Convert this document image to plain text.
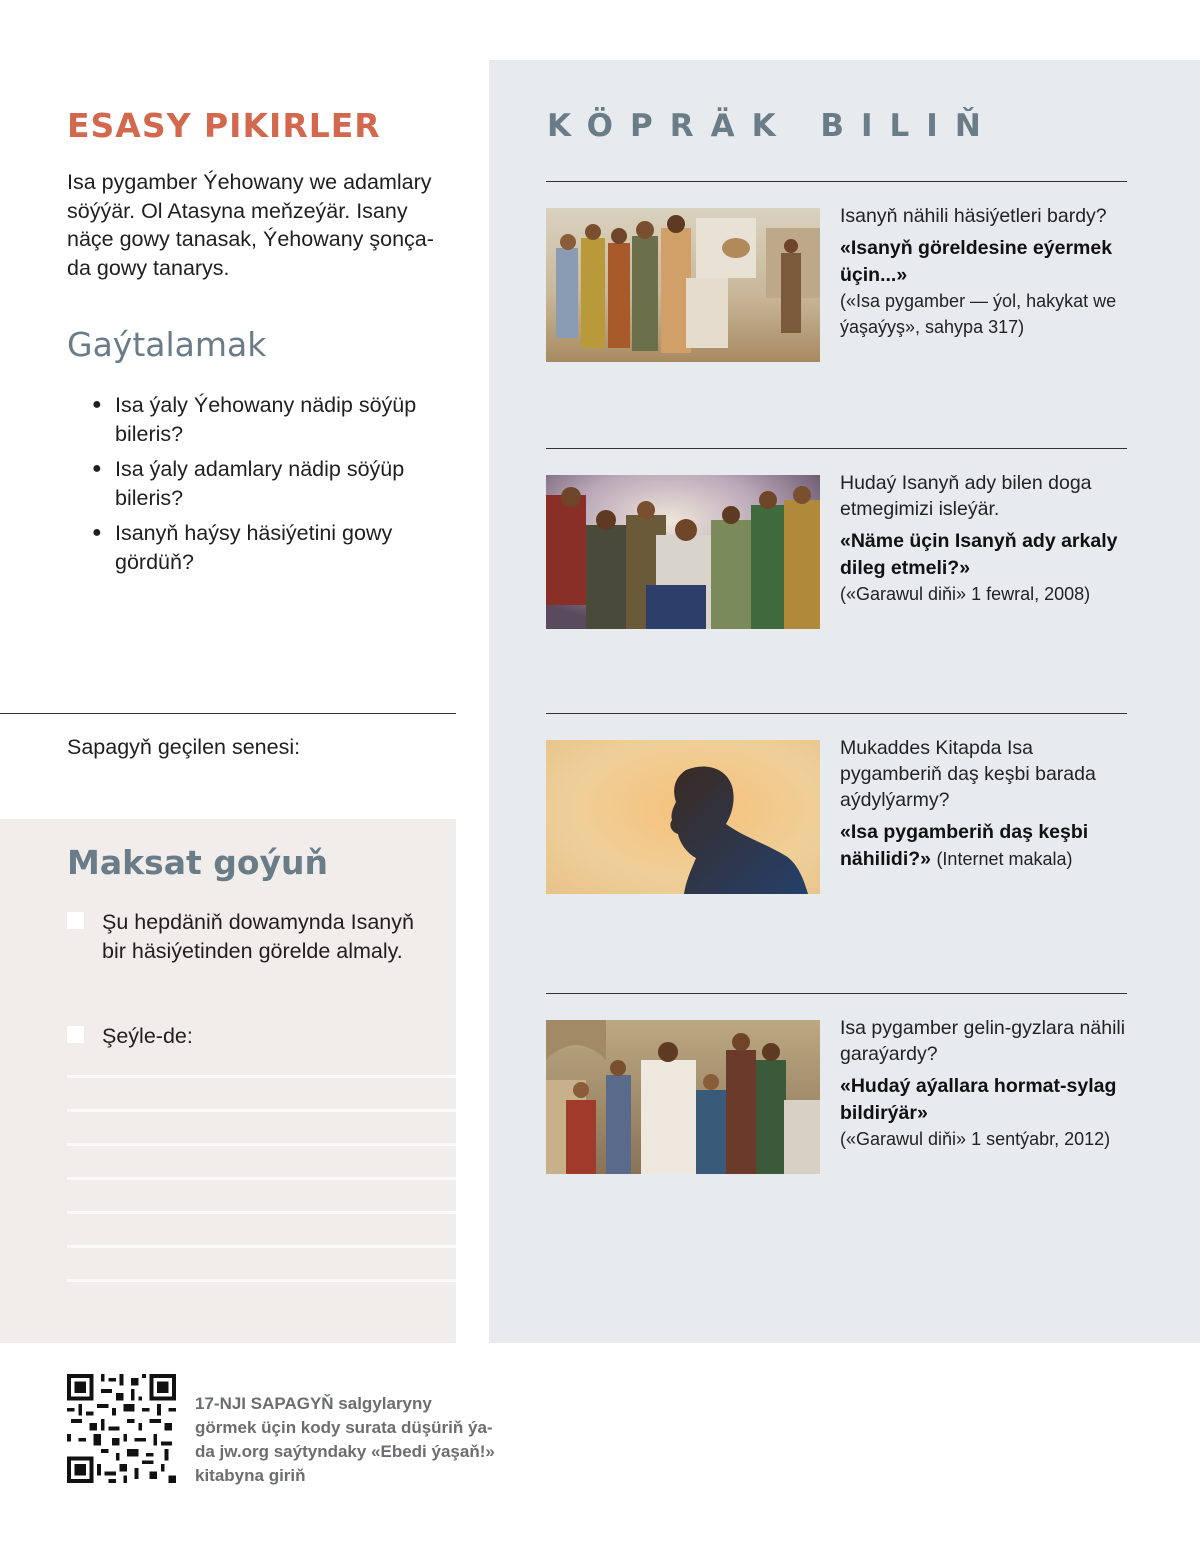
ESASY PIKIRLER

Isa pygamber Ýehowany we adamlary söýýär. Ol Atasyna meňzeýär. Isany näçe gowy tanasak, Ýehowany şonça-da gowy tanarys.

Gaýtalamak
● Isa ýaly Ýehowany nädip söýüp bileris?
● Isa ýaly adamlary nädip söýüp bileris?
● Isanyň haýsy häsiýetini gowy gördüň?
Sapagyň geçilen senesi:
Maksat goýuň
Şu hepdäniň dowamynda Isanyň bir häsiýetinden görelde almaly.
Şeýle-de:
KÖPRÄK BILIŇ
Isanyň nähili häsiýetleri bardy?
«Isanyň göreldesine eýermek üçin...»
(«Isa pygamber — ýol, hakykat we ýaşaýyş», sahypa 317)
Hudaý Isanyň ady bilen doga etmegimizi isleýär.
«Näme üçin Isanyň ady arkaly dileg etmeli?»
(«Garawul diňi» 1 fewral, 2008)
Mukaddes Kitapda Isa pygamberiň daş keşbi barada aýdylýarmy?
«Isa pygamberiň daş keşbi nähilidi?» (Internet makala)
Isa pygamber gelin-gyzlara nähili garaýardy?
«Hudaý aýallara hormat-sylag bildirýär»
(«Garawul diňi» 1 sentýabr, 2012)
17-NJI SAPAGYŇ salgylaryny görmek üçin kody surata düşüriň ýa-da jw.org saýtyndaky «Ebedi ýaşaň!» kitabyna giriň
